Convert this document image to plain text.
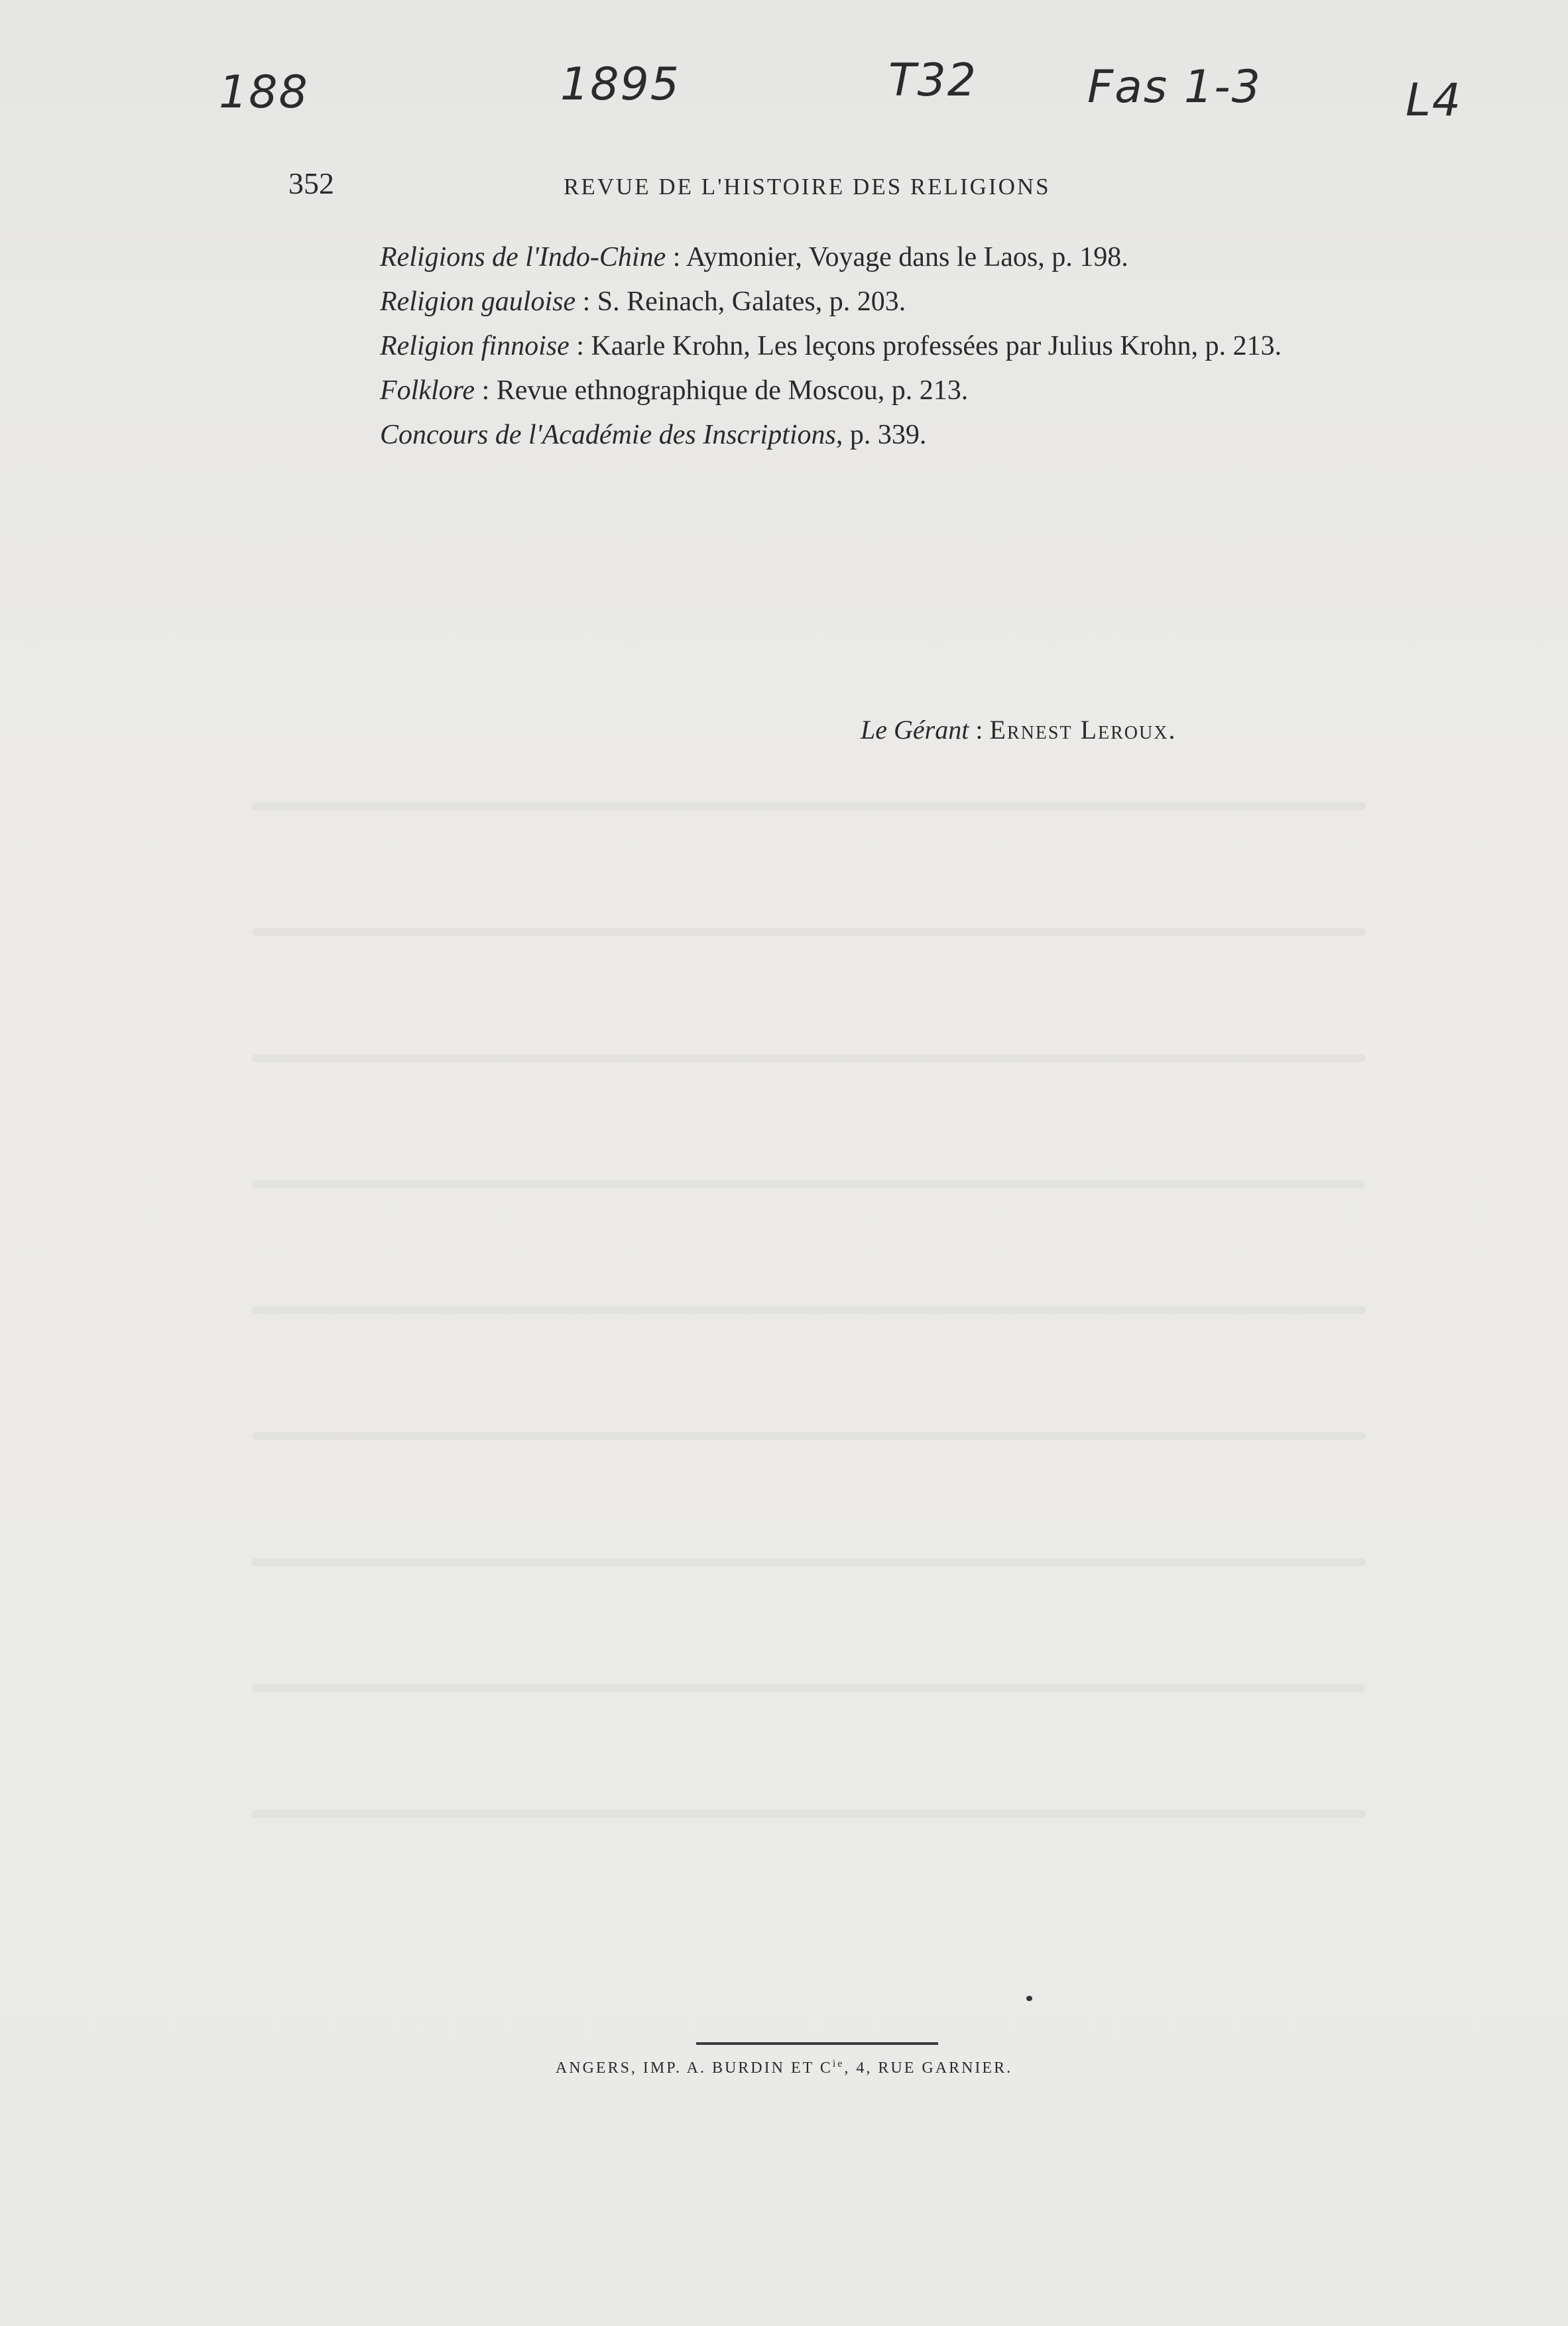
188	1895	T32 Fas 1-3	L4
352	REVUE DE L'HISTOIRE DES RELIGIONS

Religions de l'Indo-Chine : Aymonier, Voyage dans le Laos, p. 198.

Religion gauloise : S. Reinach, Galates, p. 203.

Religion finnoise : Kaarle Krohn, Les leçons professées par Julius Krohn, p. 213.

Folklore : Revue ethnographique de Moscou, p. 213.

Concours de l'Académie des Inscriptions, p. 339.

Le Gérant : Ernest Leroux.
ANGERS, IMP. A. BURDIN ET $C^{ie}$, 4, RUE GARNIER.
